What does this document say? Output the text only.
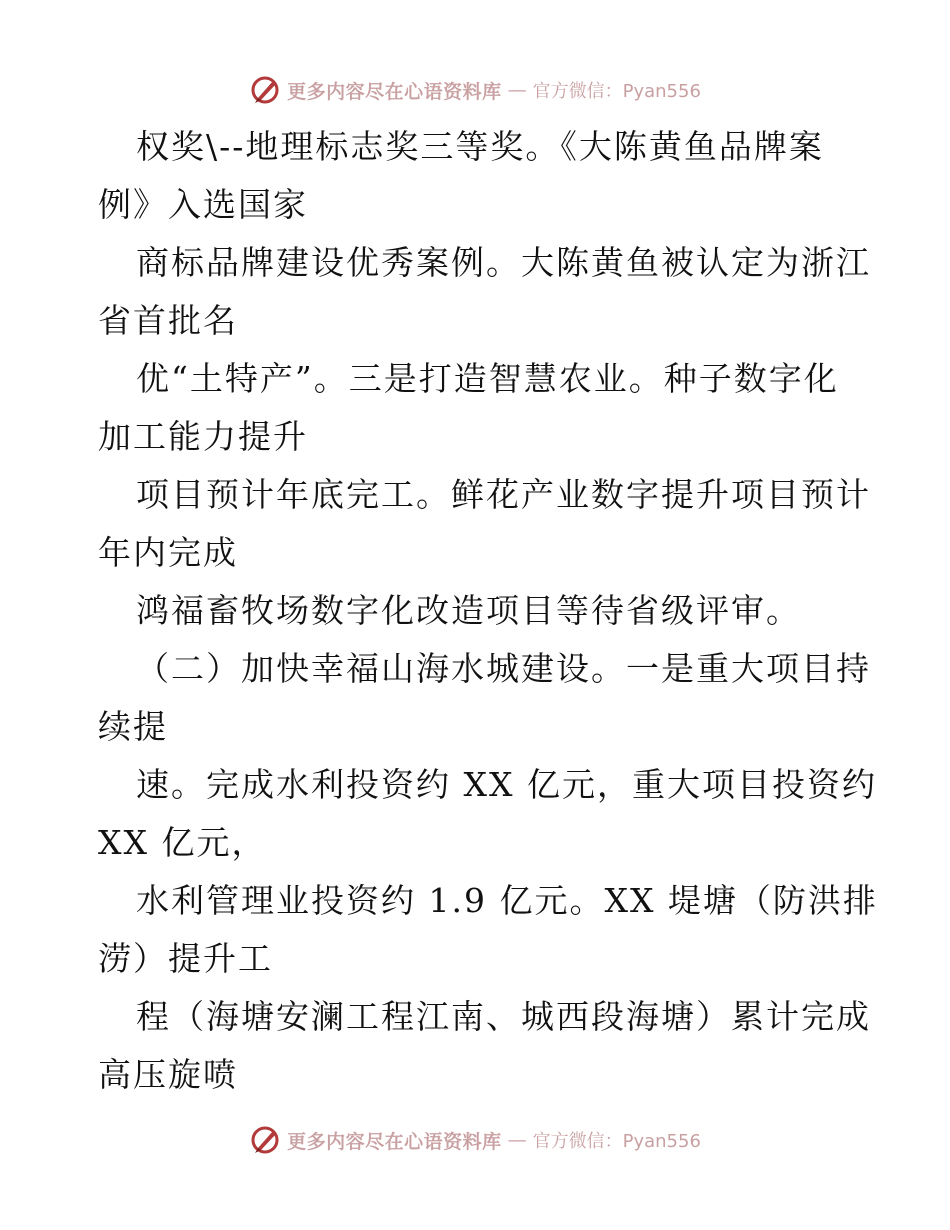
更多内容尽在心语资料库 — 官方微信：Pyan556
权奖\--地理标志奖三等奖。《大陈黄鱼品牌案
例》入选国家
商标品牌建设优秀案例。大陈黄鱼被认定为浙江
省首批名
优“土特产”。三是打造智慧农业。种子数字化
加工能力提升
项目预计年底完工。鲜花产业数字提升项目预计
年内完成
鸿福畜牧场数字化改造项目等待省级评审。
（二）加快幸福山海水城建设。一是重大项目持
续提
速。完成水利投资约 XX 亿元，重大项目投资约
XX 亿元，
水利管理业投资约 1.9 亿元。XX 堤塘（防洪排
涝）提升工
程（海塘安澜工程江南、城西段海塘）累计完成
高压旋喷
更多内容尽在心语资料库 — 官方微信：Pyan556
